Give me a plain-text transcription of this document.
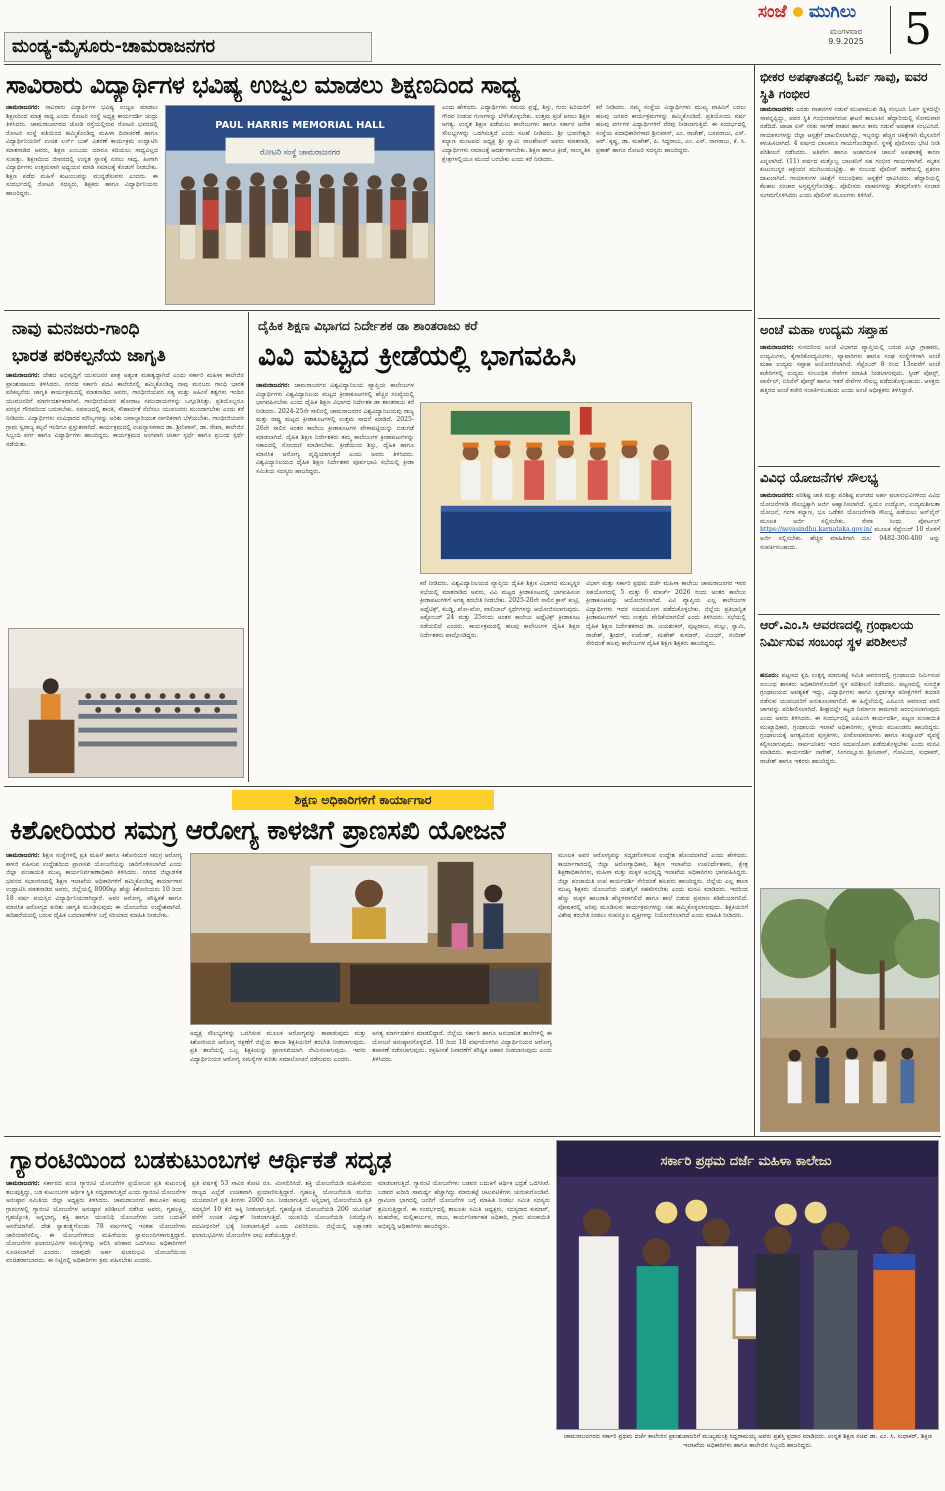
ಮಂಡ್ಯ-ಮೈಸೂರು-ಚಾಮರಾಜನಗರ
ಸಂಜೆ ಮುಗಿಲು
ಮಂಗಳವಾರ
9.9.2025 5
ಸಾವಿರಾರು ವಿದ್ಯಾರ್ಥಿಗಳ ಭವಿಷ್ಯ ಉಜ್ವಲ ಮಾಡಲು ಶಿಕ್ಷಣದಿಂದ ಸಾಧ್ಯ
ಚಾಮರಾಜನಗರ: ಸಾವಿರಾರು ವಿದ್ಯಾರ್ಥಿಗಳ ಭವಿಷ್ಯ ಉಜ್ವಲ ಮಾಡಲು ಶಿಕ್ಷಣದಿಂದ ಮಾತ್ರ ಸಾಧ್ಯ ಎಂದು ರೋಟರಿ ಸಂಸ್ಥೆ ಅಧ್ಯಕ್ಷ ಕಾರ್ಯದರ್ಶಿ ಚಂದ್ರು ತಿಳಿಸಿದರು. ಚಾಮರಾಜನಗರದ ಜೋಡಿ ರಸ್ತೆಯಲ್ಲಿರುವ ರೋಟರಿ ಭವನದಲ್ಲಿ ರೋಟರಿ ಸಂಸ್ಥೆ ವತಿಯಿಂದ ಹಮ್ಮಿಕೊಂಡಿದ್ದ ಮಹಿಳಾ ದಿನಾಚರಣೆ ಹಾಗೂ ವಿದ್ಯಾರ್ಥಿನಿಯರಿಗೆ ಉಚಿತ ಲರ್ನ್ ಬುಕ್ ವಿತರಣೆ ಕಾರ್ಯಕ್ರಮ ಉದ್ಘಾಟಿಸಿ ಮಾತನಾಡಿದ ಅವರು, ಶಿಕ್ಷಣ ಎಂಬುದು ಯಾರೂ ಕದಿಯಲು ಸಾಧ್ಯವಿಲ್ಲದ ಸಂಪತ್ತು. ಶಿಕ್ಷಣದಿಂದ ಜೀವನದಲ್ಲಿ ಉನ್ನತ ಸ್ಥಾನಕ್ಕೆ ಏರಲು ಸಾಧ್ಯ. ಹೀಗಾಗಿ ವಿದ್ಯಾರ್ಥಿಗಳು ಉತ್ತಮವಾಗಿ ಅಧ್ಯಯನ ಮಾಡಿ ಸಮಾಜಕ್ಕೆ ಕೊಡುಗೆ ನೀಡಬೇಕು. ಶಿಕ್ಷಣ ಪಡೆದ ಮಹಿಳೆ ಕುಟುಂಬವನ್ನು ಮುನ್ನಡೆಸುವಳು ಎಂದರು. ಈ ಸಂದರ್ಭದಲ್ಲಿ ರೋಟರಿ ಸದಸ್ಯರು, ಶಿಕ್ಷಕರು ಹಾಗೂ ವಿದ್ಯಾರ್ಥಿನಿಯರು ಹಾಜರಿದ್ದರು.
PAUL HARRIS MEMORIAL HALL
ರೋಟರಿ ಸಂಸ್ಥೆ ಚಾಮರಾಜನಗರ
ಎಂದು ಹೇಳಿದರು. ವಿದ್ಯಾರ್ಥಿಗಳು ಸಮಯ ಪ್ರಜ್ಞೆ, ಶಿಸ್ತು, ಗುರು ಹಿರಿಯರಿಗೆ ಗೌರವ ನೀಡುವ ಗುಣಗಳನ್ನು ಬೆಳೆಸಿಕೊಳ್ಳಬೇಕು. ಉತ್ತಮ ಪ್ರಜೆ ಆಗಲು ಶಿಕ್ಷಣ ಅಗತ್ಯ. ಉನ್ನತ ಶಿಕ್ಷಣ ಪಡೆಯಲು ಕಾಲೇಜುಗಳು ಹಾಗೂ ಸರ್ಕಾರ ಅನೇಕ ಸೌಲಭ್ಯಗಳನ್ನು ಒದಗಿಸುತ್ತಿದೆ ಎಂದು ಸಲಹೆ ನೀಡಿದರು. ಶ್ರೀ ಭುವನೇಶ್ವರಿ ಕಲ್ಯಾಣ ಮಂಟಪದ ಅಧ್ಯಕ್ಷ ಶ್ರೀ ಸ್ವಾಮಿ ರಾಜಶೇಖರ್ ಅವರು ಮಾತನಾಡಿ, ವಿದ್ಯಾರ್ಥಿಗಳು ಸಮಾಜಕ್ಕೆ ಆದರ್ಶರಾಗಬೇಕು. ಶಿಕ್ಷಣ ಹಾಗೂ ಕ್ರೀಡೆ, ಸಾಂಸ್ಕೃತಿಕ ಕ್ಷೇತ್ರಗಳಲ್ಲಿಯೂ ಮುಂದೆ ಬರಬೇಕು ಎಂದು ಕರೆ ನೀಡಿದರು.
ಕರೆ ನೀಡಿದರು. ನಮ್ಮ ಸಂಸ್ಥೆಯ ವಿದ್ಯಾರ್ಥಿಗಳು ಮುಖ್ಯ ವಾಹಿನಿಗೆ ಬರಲು ಹಲವು ಜನಪರ ಕಾರ್ಯಕ್ರಮಗಳನ್ನು ಹಮ್ಮಿಕೊಂಡಿದೆ. ಪ್ರತಿಯೊಂದು ವರ್ಷ ಹಲವು ವರ್ಗಗಳ ವಿದ್ಯಾರ್ಥಿಗಳಿಗೆ ನೆರವು ನೀಡಲಾಗುತ್ತಿದೆ. ಈ ಸಂದರ್ಭದಲ್ಲಿ ಸಂಸ್ಥೆಯ ಪದಾಧಿಕಾರಿಗಳಾದ ಶ್ರೀನಿವಾಸ್, ಎಂ. ರಾಜೇಶ್, ಬಸವರಾಜು, ಎಸ್. ಆರ್. ಕೃಷ್ಣ, ಡಾ. ಮಹೇಶ್, ಪಿ. ಸಿದ್ದರಾಜು, ಎಂ. ಎಸ್. ನಾಗರಾಜು, ಕೆ. ಸಿ. ಪ್ರಕಾಶ್ ಹಾಗೂ ರೋಟರಿ ಸದಸ್ಯರು ಹಾಜರಿದ್ದರು.
ನಾವು ಮನಜರು-ಗಾಂಧಿ
ಭಾರತ ಪರಿಕಲ್ಪನೆಯ ಜಾಗೃತಿ
ಚಾಮರಾಜನಗರ: ದೇಶದ ಅಭಿವೃದ್ಧಿಗೆ ಯುವಜನರ ಪಾತ್ರ ಅತ್ಯಂತ ಮಹತ್ವದ್ದಾಗಿದೆ ಎಂದು ಸರ್ಕಾರಿ ಮಹಿಳಾ ಕಾಲೇಜಿನ ಪ್ರಾಂಶುಪಾಲರು ತಿಳಿಸಿದರು. ನಗರದ ಸರ್ಕಾರಿ ಪದವಿ ಕಾಲೇಜಿನಲ್ಲಿ ಹಮ್ಮಿಕೊಂಡಿದ್ದ ನಾವು ಮನಜರು ಗಾಂಧಿ ಭಾರತ ಪರಿಕಲ್ಪನೆಯ ಜಾಗೃತಿ ಕಾರ್ಯಕ್ರಮದಲ್ಲಿ ಮಾತನಾಡಿದ ಅವರು, ಗಾಂಧೀಜಿಯವರ ಸತ್ಯ ಮತ್ತು ಅಹಿಂಸೆ ತತ್ವಗಳು ಇಂದಿನ ಯುವಜನರಿಗೆ ಮಾರ್ಗದರ್ಶಕವಾಗಿವೆ. ಗಾಂಧೀಜಿಯವರ ಹೋರಾಟ ಸಮುದಾಯಗಳನ್ನು ಒಗ್ಗೂಡಿಸಿತ್ತು. ಪ್ರತಿಯೊಬ್ಬರೂ ಪರಸ್ಪರ ಗೌರವದಿಂದ ಬದುಕಬೇಕು. ಸಮಾಜದಲ್ಲಿ ಶಾಂತಿ, ಸೌಹಾರ್ದತೆ ನೆಲೆಸಲು ಯುವಜನರು ಮುಂದಾಗಬೇಕು ಎಂದು ಕರೆ ನೀಡಿದರು. ವಿದ್ಯಾರ್ಥಿಗಳು ಸಂವಿಧಾನದ ಮೌಲ್ಯಗಳನ್ನು ಅರಿತು ಜವಾಬ್ದಾರಿಯುತ ನಾಗರಿಕರಾಗಿ ಬೆಳೆಯಬೇಕು. ಗಾಂಧೀಜಿಯವರ ಗ್ರಾಮ ಸ್ವರಾಜ್ಯ ಕಲ್ಪನೆ ಇಂದಿಗೂ ಪ್ರಸ್ತುತವಾಗಿದೆ. ಕಾರ್ಯಕ್ರಮದಲ್ಲಿ ಉಪನ್ಯಾಸಕರಾದ ಡಾ. ಶ್ರೀನಿವಾಸ್, ಡಾ. ರೇಖಾ, ಕಾಲೇಜಿನ ಸಿಬ್ಬಂದಿ ವರ್ಗ ಹಾಗೂ ವಿದ್ಯಾರ್ಥಿಗಳು ಹಾಜರಿದ್ದರು. ಕಾರ್ಯಕ್ರಮದ ಅಂಗವಾಗಿ ಚರ್ಚಾ ಸ್ಪರ್ಧೆ ಹಾಗೂ ಪ್ರಬಂಧ ಸ್ಪರ್ಧೆ ನಡೆಯಿತು.
ದೈಹಿಕ ಶಿಕ್ಷಣ ವಿಭಾಗದ ನಿರ್ದೇಶಕ ಡಾ ಶಾಂತರಾಜು ಕರೆ
ವಿವಿ ಮಟ್ಟದ ಕ್ರೀಡೆಯಲ್ಲಿ ಭಾಗವಹಿಸಿ
ಚಾಮರಾಜನಗರ: ಚಾಮರಾಜನಗರ ವಿಶ್ವವಿದ್ಯಾನಿಲಯ ವ್ಯಾಪ್ತಿಯ ಕಾಲೇಜುಗಳ ವಿದ್ಯಾರ್ಥಿಗಳು ವಿಶ್ವವಿದ್ಯಾನಿಲಯ ಮಟ್ಟದ ಕ್ರೀಡಾಕೂಟಗಳಲ್ಲಿ ಹೆಚ್ಚಿನ ಸಂಖ್ಯೆಯಲ್ಲಿ ಭಾಗವಹಿಸಬೇಕು ಎಂದು ದೈಹಿಕ ಶಿಕ್ಷಣ ವಿಭಾಗದ ನಿರ್ದೇಶಕ ಡಾ ಶಾಂತರಾಜು ಕರೆ ನೀಡಿದರು. 2024-25ನೇ ಸಾಲಿನಲ್ಲಿ ಚಾಮರಾಜನಗರ ವಿಶ್ವವಿದ್ಯಾನಿಲಯವು ರಾಜ್ಯ ಮತ್ತು ರಾಷ್ಟ್ರ ಮಟ್ಟದ ಕ್ರೀಡಾಕೂಟಗಳಲ್ಲಿ ಉತ್ತಮ ಸಾಧನೆ ಮಾಡಿದೆ. 2025-26ನೇ ಸಾಲಿನ ಅಂತರ ಕಾಲೇಜು ಕ್ರೀಡಾಕೂಟಗಳ ವೇಳಾಪಟ್ಟಿಯನ್ನು ಬಿಡುಗಡೆ ಮಾಡಲಾಗಿದೆ. ದೈಹಿಕ ಶಿಕ್ಷಣ ನಿರ್ದೇಶಕರು ತಮ್ಮ ಕಾಲೇಜುಗಳ ಕ್ರೀಡಾಪಟುಗಳನ್ನು ಸಕಾಲದಲ್ಲಿ ನೋಂದಣಿ ಮಾಡಿಸಬೇಕು. ಕ್ರೀಡೆಯಿಂದ ಶಿಸ್ತು, ದೈಹಿಕ ಹಾಗೂ ಮಾನಸಿಕ ಆರೋಗ್ಯ ವೃದ್ಧಿಯಾಗುತ್ತದೆ ಎಂದು ಅವರು ತಿಳಿಸಿದರು. ವಿಶ್ವವಿದ್ಯಾನಿಲಯದ ದೈಹಿಕ ಶಿಕ್ಷಣ ನಿರ್ದೇಶಕರ ಪೂರ್ವಭಾವಿ ಸಭೆಯಲ್ಲಿ ಕ್ರೀಡಾ ಸಮಿತಿಯ ಸದಸ್ಯರು ಹಾಜರಿದ್ದರು.
ಕರೆ ನೀಡಿದರು. ವಿಶ್ವವಿದ್ಯಾನಿಲಯದ ವ್ಯಾಪ್ತಿಯ ದೈಹಿಕ ಶಿಕ್ಷಣ ವಿಭಾಗದ ಮುಖ್ಯಸ್ಥರ ಸಭೆಯಲ್ಲಿ ಮಾತನಾಡಿದ ಅವರು, ವಿವಿ ಮಟ್ಟದ ಕ್ರೀಡಾಕೂಟದಲ್ಲಿ ಭಾಗವಹಿಸುವ ಕ್ರೀಡಾಪಟುಗಳಿಗೆ ಅಗತ್ಯ ತರಬೇತಿ ನೀಡಬೇಕು. 2025-26ನೇ ಸಾಲಿನ ಕ್ರಾಸ್ ಕಂಟ್ರಿ, ಅಥ್ಲೆಟಿಕ್ಸ್, ಕಬಡ್ಡಿ, ಖೋ-ಖೋ, ವಾಲಿಬಾಲ್ ಸ್ಪರ್ಧೆಗಳನ್ನು ಆಯೋಜಿಸಲಾಗುವುದು. ಅಕ್ಟೋಬರ್ 24 ಮತ್ತು 25ರಂದು ಅಂತರ ಕಾಲೇಜು ಅಥ್ಲೆಟಿಕ್ಸ್ ಕ್ರೀಡಾಕೂಟ ನಡೆಯಲಿದೆ ಎಂದರು. ಕಾರ್ಯಕ್ರಮದಲ್ಲಿ ಹಲವು ಕಾಲೇಜುಗಳ ದೈಹಿಕ ಶಿಕ್ಷಣ ನಿರ್ದೇಶಕರು ಪಾಲ್ಗೊಂಡಿದ್ದರು.
ವಿಭಾಗ ಮತ್ತು ಸರ್ಕಾರಿ ಪ್ರಥಮ ದರ್ಜೆ ಮಹಿಳಾ ಕಾಲೇಜು ಚಾಮರಾಜನಗರ ಇವರ ಸಹಯೋಗದಲ್ಲಿ 5 ಮತ್ತು 6 ಮಾರ್ಚ್ 2026 ರಂದು ಅಂತರ ಕಾಲೇಜು ಕ್ರೀಡಾಕೂಟವನ್ನು ಆಯೋಜಿಸಲಾಗಿದೆ. ವಿವಿ ವ್ಯಾಪ್ತಿಯ ಎಲ್ಲ ಕಾಲೇಜುಗಳ ವಿದ್ಯಾರ್ಥಿಗಳು ಇದರ ಸದುಪಯೋಗ ಪಡೆದುಕೊಳ್ಳಬೇಕು. ಜಿಲ್ಲೆಯ ಪ್ರತಿಭಾನ್ವಿತ ಕ್ರೀಡಾಪಟುಗಳಿಗೆ ಇದು ಉತ್ತಮ ವೇದಿಕೆಯಾಗಲಿದೆ ಎಂದು ತಿಳಿಸಿದರು. ಸಭೆಯಲ್ಲಿ ದೈಹಿಕ ಶಿಕ್ಷಣ ನಿರ್ದೇಶಕರಾದ ಡಾ. ಜಯಶಂಕರ್, ಪುಟ್ಟರಾಜು, ಮಲ್ಲು, ಸ್ವಾಮಿ, ರಾಜೇಶ್, ಶ್ರೀಧರ್, ಉಮೇಶ್, ಮಹೇಶ್ ಕುಮಾರ್, ವಿಜಯ್, ನಂದೀಶ್ ಸೇರಿದಂತೆ ಹಲವು ಕಾಲೇಜುಗಳ ದೈಹಿಕ ಶಿಕ್ಷಣ ಶಿಕ್ಷಕರು ಹಾಜರಿದ್ದರು.
ಶಿಕ್ಷಣ ಅಧಿಕಾರಿಗಳಿಗೆ ಕಾರ್ಯಾಗಾರ
ಕಿಶೋರಿಯರ ಸಮಗ್ರ ಆರೋಗ್ಯ ಕಾಳಜಿಗೆ ಪ್ರಾಣಸಖಿ ಯೋಜನೆ
ಚಾಮರಾಜನಗರ: ಶಿಕ್ಷಣ ಸಂಸ್ಥೆಗಳಲ್ಲಿ ಪ್ರತಿ ಮಹಿಳೆ ಹಾಗೂ ಕಿಶೋರಿಯರ ಸಮಗ್ರ ಆರೋಗ್ಯ ಕಾಳಜಿ ವಹಿಸುವ ಉದ್ದೇಶದಿಂದ ಪ್ರಾಣಸಖಿ ಯೋಜನೆಯನ್ನು ಜಾರಿಗೊಳಿಸಲಾಗಿದೆ ಎಂದು ಜಿಲ್ಲಾ ಪಂಚಾಯಿತಿ ಮುಖ್ಯ ಕಾರ್ಯನಿರ್ವಹಣಾಧಿಕಾರಿ ತಿಳಿಸಿದರು. ನಗರದ ಜಿಲ್ಲಾಡಳಿತ ಭವನದ ಸಭಾಂಗಣದಲ್ಲಿ ಶಿಕ್ಷಣ ಇಲಾಖೆಯ ಅಧಿಕಾರಿಗಳಿಗೆ ಹಮ್ಮಿಕೊಂಡಿದ್ದ ಕಾರ್ಯಾಗಾರ ಉದ್ಘಾಟಿಸಿ ಮಾತನಾಡಿದ ಅವರು, ಜಿಲ್ಲೆಯಲ್ಲಿ 8000ಕ್ಕೂ ಹೆಚ್ಚು ಕಿಶೋರಿಯರು 10 ರಿಂದ 18 ವರ್ಷ ವಯಸ್ಸಿನ ವಿದ್ಯಾರ್ಥಿನಿಯರಾಗಿದ್ದಾರೆ. ಅವರ ಆರೋಗ್ಯ, ಪೌಷ್ಟಿಕತೆ ಹಾಗೂ ಮಾನಸಿಕ ಆರೋಗ್ಯದ ಕುರಿತು ಜಾಗೃತಿ ಮೂಡಿಸುವುದು ಈ ಯೋಜನೆಯ ಉದ್ದೇಶವಾಗಿದೆ. ಹದಿಹರೆಯದಲ್ಲಿ ಬರುವ ದೈಹಿಕ ಬದಲಾವಣೆಗಳ ಬಗ್ಗೆ ಸರಿಯಾದ ಮಾಹಿತಿ ನೀಡಬೇಕು.
ಅಧ್ಯಕ್ಷ ಸೌಲಭ್ಯಗಳನ್ನು ಒದಗಿಸುವ ಮೂಲಕ ಆರೋಗ್ಯವನ್ನು ಕಾಪಾಡುವುದು ಮತ್ತು ಕಿಶೋರಿಯರ ಆರೋಗ್ಯ ರಕ್ಷಣೆಗೆ ಜಿಲ್ಲೆಯ ಶಾಲಾ ಶಿಕ್ಷಕಿಯರಿಗೆ ತರಬೇತಿ ನೀಡಲಾಗುವುದು. ಪ್ರತಿ ಶಾಲೆಯಲ್ಲಿ ಒಬ್ಬ ಶಿಕ್ಷಕಿಯನ್ನು ಪ್ರಾಣಸಖಿಯಾಗಿ ನೇಮಿಸಲಾಗುವುದು. ಇವರು ವಿದ್ಯಾರ್ಥಿನಿಯರ ಆರೋಗ್ಯ ಸಮಸ್ಯೆಗಳ ಕುರಿತು ಸಮಾಲೋಚನೆ ನಡೆಸುವರು ಎಂದರು.
ಅಗತ್ಯ ಮಾರ್ಗದರ್ಶನ ಮಾಡಲಿದ್ದಾರೆ. ಜಿಲ್ಲೆಯ ಸರ್ಕಾರಿ ಹಾಗೂ ಅನುದಾನಿತ ಶಾಲೆಗಳಲ್ಲಿ ಈ ಯೋಜನೆ ಅನುಷ್ಠಾನಗೊಳ್ಳಲಿದೆ. 10 ರಿಂದ 18 ವರ್ಷದೊಳಗಿನ ವಿದ್ಯಾರ್ಥಿನಿಯರ ಆರೋಗ್ಯ ತಪಾಸಣೆ ನಡೆಸಲಾಗುವುದು. ರಕ್ತಹೀನತೆ ನಿವಾರಣೆಗೆ ಪೌಷ್ಟಿಕ ಆಹಾರ ನೀಡಲಾಗುವುದು ಎಂದು ತಿಳಿಸಿದರು.
ಮೂಲಕ ಅವರ ಆರೋಗ್ಯವನ್ನು ಸದೃಢಗೊಳಿಸುವ ಉದ್ದೇಶ ಹೊಂದಲಾಗಿದೆ ಎಂದು ಹೇಳಿದರು. ಕಾರ್ಯಾಗಾರದಲ್ಲಿ ಜಿಲ್ಲಾ ಆರೋಗ್ಯಾಧಿಕಾರಿ, ಶಿಕ್ಷಣ ಇಲಾಖೆಯ ಉಪನಿರ್ದೇಶಕರು, ಕ್ಷೇತ್ರ ಶಿಕ್ಷಣಾಧಿಕಾರಿಗಳು, ಮಹಿಳಾ ಮತ್ತು ಮಕ್ಕಳ ಅಭಿವೃದ್ಧಿ ಇಲಾಖೆಯ ಅಧಿಕಾರಿಗಳು ಭಾಗವಹಿಸಿದ್ದರು. ಜಿಲ್ಲಾ ಪಂಚಾಯಿತಿ ಉಪ ಕಾರ್ಯದರ್ಶಿ ಸೇರಿದಂತೆ ಹಲವರು ಹಾಜರಿದ್ದರು. ಜಿಲ್ಲೆಯ ಎಲ್ಲ ಶಾಲಾ ಮುಖ್ಯ ಶಿಕ್ಷಕರು ಯೋಜನೆಯ ಯಶಸ್ಸಿಗೆ ಸಹಕರಿಸಬೇಕು ಎಂದು ಮನವಿ ಮಾಡಿದರು. ಇದರಿಂದ ಹೆಣ್ಣು ಮಕ್ಕಳ ಹಾಜರಾತಿ ಹೆಚ್ಚಳವಾಗಲಿದೆ ಹಾಗೂ ಶಾಲೆ ಬಿಡುವ ಪ್ರಮಾಣ ಕಡಿಮೆಯಾಗಲಿದೆ. ಪೋಷಕರಲ್ಲಿ ಅರಿವು ಮೂಡಿಸುವ ಕಾರ್ಯಕ್ರಮಗಳನ್ನು ಸಹ ಹಮ್ಮಿಕೊಳ್ಳಲಾಗುವುದು. ಶಿಕ್ಷಕಿಯರಿಗೆ ವಿಶೇಷ ತರಬೇತಿ ನೀಡಲು ಸಂಪನ್ಮೂಲ ವ್ಯಕ್ತಿಗಳನ್ನು ನಿಯೋಜಿಸಲಾಗಿದೆ ಎಂದು ಮಾಹಿತಿ ನೀಡಿದರು.
ಗ್ಯಾರಂಟಿಯಿಂದ ಬಡಕುಟುಂಬಗಳ ಆರ್ಥಿಕತೆ ಸದೃಢ
ಚಾಮರಾಜನಗರ: ಸರ್ಕಾರದ ಪಂಚ ಗ್ಯಾರಂಟಿ ಯೋಜನೆಗಳ ಪ್ರಯೋಜನ ಪ್ರತಿ ಕುಟುಂಬಕ್ಕೆ ತಲುಪುತ್ತಿದ್ದು, ಬಡ ಕುಟುಂಬಗಳ ಆರ್ಥಿಕ ಸ್ಥಿತಿ ಸದೃಢವಾಗುತ್ತಿದೆ ಎಂದು ಗ್ಯಾರಂಟಿ ಯೋಜನೆಗಳ ಅನುಷ್ಠಾನ ಸಮಿತಿಯ ಜಿಲ್ಲಾ ಅಧ್ಯಕ್ಷರು ತಿಳಿಸಿದರು. ಚಾಮರಾಜನಗರ ತಾಲೂಕಿನ ಹಲವು ಗ್ರಾಮಗಳಲ್ಲಿ ಗ್ಯಾರಂಟಿ ಯೋಜನೆಗಳ ಅನುಷ್ಠಾನ ಪರಿಶೀಲನೆ ನಡೆಸಿದ ಅವರು, ಗೃಹಲಕ್ಷ್ಮಿ, ಗೃಹಜ್ಯೋತಿ, ಅನ್ನಭಾಗ್ಯ, ಶಕ್ತಿ ಹಾಗೂ ಯುವನಿಧಿ ಯೋಜನೆಗಳು ಜನರ ಬದುಕಿಗೆ ಆಸರೆಯಾಗಿವೆ. ದೇಶ ಸ್ವಾತಂತ್ರ್ಯಗೊಂಡು 78 ವರ್ಷಗಳಲ್ಲಿ ಇಂತಹ ಯೋಜನೆಗಳು ಜಾರಿಯಾಗಿರಲಿಲ್ಲ. ಈ ಯೋಜನೆಗಳಿಂದ ಮಹಿಳೆಯರು ಸ್ವಾವಲಂಬಿಗಳಾಗುತ್ತಿದ್ದಾರೆ. ಯೋಜನೆಗಳ ಫಲಾನುಭವಿಗಳ ಸಮಸ್ಯೆಗಳನ್ನು ಆಲಿಸಿ ಪರಿಹಾರ ಒದಗಿಸಲು ಅಧಿಕಾರಿಗಳಿಗೆ ಸೂಚಿಸಲಾಗಿದೆ ಎಂದರು. ಯಾವುದೇ ಅರ್ಹ ಫಲಾನುಭವಿ ಯೋಜನೆಯಿಂದ ವಂಚಿತರಾಗಬಾರದು. ಈ ನಿಟ್ಟಿನಲ್ಲಿ ಅಧಿಕಾರಿಗಳು ಕ್ರಮ ವಹಿಸಬೇಕು ಎಂದರು.
ಪ್ರತಿ ವರ್ಷಕ್ಕೆ 53 ಸಾವಿರ ಕೋಟಿ ರೂ. ಮೀಸಲಿರಿಸಿದೆ. ಶಕ್ತಿ ಯೋಜನೆಯಡಿ ಮಹಿಳೆಯರು ರಾಜ್ಯದ ಎಲ್ಲೆಡೆ ಉಚಿತವಾಗಿ ಪ್ರಯಾಣಿಸುತ್ತಿದ್ದಾರೆ. ಗೃಹಲಕ್ಷ್ಮಿ ಯೋಜನೆಯಡಿ ಮನೆಯ ಯಜಮಾನಿಗೆ ಪ್ರತಿ ತಿಂಗಳು 2000 ರೂ. ನೀಡಲಾಗುತ್ತಿದೆ. ಅನ್ನಭಾಗ್ಯ ಯೋಜನೆಯಡಿ ಪ್ರತಿ ಸದಸ್ಯರಿಗೆ 10 ಕೆಜಿ ಅಕ್ಕಿ ನೀಡಲಾಗುತ್ತಿದೆ. ಗೃಹಜ್ಯೋತಿ ಯೋಜನೆಯಡಿ 200 ಯೂನಿಟ್ ವರೆಗೆ ಉಚಿತ ವಿದ್ಯುತ್ ನೀಡಲಾಗುತ್ತಿದೆ. ಯುವನಿಧಿ ಯೋಜನೆಯಡಿ ನಿರುದ್ಯೋಗಿ ಪದವೀಧರರಿಗೆ ಭತ್ಯೆ ನೀಡಲಾಗುತ್ತಿದೆ ಎಂದು ವಿವರಿಸಿದರು. ಜಿಲ್ಲೆಯಲ್ಲಿ ಲಕ್ಷಾಂತರ ಫಲಾನುಭವಿಗಳು ಯೋಜನೆಗಳ ಲಾಭ ಪಡೆಯುತ್ತಿದ್ದಾರೆ.
ಮಾಡಲಾಗುತ್ತಿದೆ. ಗ್ಯಾರಂಟಿ ಯೋಜನೆಗಳು ಬಡವರ ಬದುಕಿಗೆ ಆರ್ಥಿಕ ಭದ್ರತೆ ಒದಗಿಸಿವೆ. ಬಡವರ ಖರೀದಿ ಸಾಮರ್ಥ್ಯ ಹೆಚ್ಚಾಗಿದ್ದು ಮಾರುಕಟ್ಟೆ ಚಟುವಟಿಕೆಗಳು ಚುರುಕುಗೊಂಡಿವೆ. ಗ್ರಾಮೀಣ ಭಾಗದಲ್ಲಿ ಜನರಿಗೆ ಯೋಜನೆಗಳ ಬಗ್ಗೆ ಮಾಹಿತಿ ನೀಡಲು ಸಮಿತಿ ಸದಸ್ಯರು ಶ್ರಮಿಸುತ್ತಿದ್ದಾರೆ. ಈ ಸಂದರ್ಭದಲ್ಲಿ ತಾಲೂಕು ಸಮಿತಿ ಅಧ್ಯಕ್ಷರು, ಸದಸ್ಯರಾದ ಕುಮಾರ್, ಮಹದೇವ, ಮಲ್ಲಿಕಾರ್ಜುನ, ರಾಜು, ಕಾರ್ಯನಿರ್ವಾಹಕ ಅಧಿಕಾರಿ, ಗ್ರಾಮ ಪಂಚಾಯಿತಿ ಅಭಿವೃದ್ಧಿ ಅಧಿಕಾರಿಗಳು ಹಾಜರಿದ್ದರು.
ಸರ್ಕಾರಿ ಪ್ರಥಮ ದರ್ಜೆ ಮಹಿಳಾ ಕಾಲೇಜು
ಚಾಮರಾಜನಗರದ ಸರ್ಕಾರಿ ಪ್ರಥಮ ದರ್ಜೆ ಕಾಲೇಜಿನ ಪ್ರಾಂಶುಪಾಲರಿಗೆ ಮುಖ್ಯಮಂತ್ರಿ ಸಿದ್ದರಾಮಯ್ಯ ಅವರು ಪ್ರಶಸ್ತಿ ಪ್ರದಾನ ಮಾಡಿದರು. ಉನ್ನತ ಶಿಕ್ಷಣ ಸಚಿವ ಡಾ. ಎಂ. ಸಿ. ಸುಧಾಕರ್, ಶಿಕ್ಷಣ ಇಲಾಖೆಯ ಅಧಿಕಾರಿಗಳು ಹಾಗೂ ಕಾಲೇಜಿನ ಸಿಬ್ಬಂದಿ ಹಾಜರಿದ್ದರು.
ಭೀಕರ ಅಪಘಾತದಲ್ಲಿ ಓರ್ವ ಸಾವು, ಐವರ ಸ್ಥಿತಿ ಗಂಭೀರ
ಚಾಮರಾಜನಗರ: ಎರಡು ವಾಹನಗಳ ನಡುವೆ ಮುಖಾಮುಖಿ ಡಿಕ್ಕಿ ಸಂಭವಿಸಿ ಓರ್ವ ಸ್ಥಳದಲ್ಲೇ ಸಾವನ್ನಪ್ಪಿದ್ದು, ಐವರ ಸ್ಥಿತಿ ಗಂಭೀರವಾಗಿರುವ ಘಟನೆ ತಾಲೂಕಿನ ಹೆದ್ದಾರಿಯಲ್ಲಿ ಸೋಮವಾರ ನಡೆದಿದೆ. ಟಾಟಾ ಏಸ್ ಸರಕು ಸಾಗಣೆ ವಾಹನ ಹಾಗೂ ಕಾರು ನಡುವೆ ಅಪಘಾತ ಸಂಭವಿಸಿದೆ. ಗಾಯಾಳುಗಳನ್ನು ಜಿಲ್ಲಾ ಆಸ್ಪತ್ರೆಗೆ ದಾಖಲಿಸಲಾಗಿದ್ದು, ಇಬ್ಬರನ್ನು ಹೆಚ್ಚಿನ ಚಿಕಿತ್ಸೆಗಾಗಿ ಮೈಸೂರಿಗೆ ಕಳುಹಿಸಲಾಗಿದೆ. 4 ವರ್ಷದ ಬಾಲಕನೂ ಗಾಯಗೊಂಡಿದ್ದಾನೆ. ಸ್ಥಳಕ್ಕೆ ಪೊಲೀಸರು ಭೇಟಿ ನೀಡಿ ಪರಿಶೀಲನೆ ನಡೆಸಿದರು. ಅತಿವೇಗ ಹಾಗೂ ಅಜಾಗರೂಕ ಚಾಲನೆ ಅಪಘಾತಕ್ಕೆ ಕಾರಣ ಎನ್ನಲಾಗಿದೆ. (11) ವರ್ಷದ ಮತ್ತೊಬ್ಬ ಬಾಲಕನಿಗೆ ಸಹ ಗಂಭೀರ ಗಾಯಗಳಾಗಿವೆ. ಮೃತನ ಕುಟುಂಬಸ್ಥರ ಆಕ್ರಂದನ ಮುಗಿಲುಮುಟ್ಟಿತ್ತು. ಈ ಸಂಬಂಧ ಪೊಲೀಸ್ ಠಾಣೆಯಲ್ಲಿ ಪ್ರಕರಣ ದಾಖಲಾಗಿದೆ. ಗಾಯಾಳುಗಳ ಚಿಕಿತ್ಸೆಗೆ ಸಂಬಂಧಿಕರು ಆಸ್ಪತ್ರೆಗೆ ಧಾವಿಸಿದರು. ಹೆದ್ದಾರಿಯಲ್ಲಿ ಕೆಲಕಾಲ ಸಂಚಾರ ಅಸ್ತವ್ಯಸ್ತಗೊಂಡಿತ್ತು. ಪೊಲೀಸರು ವಾಹನಗಳನ್ನು ತೆರವುಗೊಳಿಸಿ ಸಂಚಾರ ಸುಗಮಗೊಳಿಸಿದರು ಎಂದು ಪೊಲೀಸ್ ಮೂಲಗಳು ತಿಳಿಸಿವೆ.
ಅಂಚೆ ಮಹಾ ಉದ್ಯಮ ಸಪ್ತಾಹ
ಚಾಮರಾಜನಗರ: ಸಂಸದರಿಂದ ಅಂಚೆ ವಿಭಾಗದ ವ್ಯಾಪ್ತಿಯಲ್ಲಿ ಬರುವ ಎಲ್ಲಾ ಗ್ರಾಹಕರು, ಉದ್ಯಮಿಗಳು, ಕೈಗಾರಿಕೋದ್ಯಮಿಗಳು, ವ್ಯಾಪಾರಿಗಳು ಹಾಗೂ ಸಂಘ ಸಂಸ್ಥೆಗಳಿಗಾಗಿ ಅಂಚೆ ಮಹಾ ಉದ್ಯಮ ಸಪ್ತಾಹ ಆಯೋಜಿಸಲಾಗಿದೆ. ಸೆಪ್ಟೆಂಬರ್ 8 ರಿಂದ 13ರವರೆಗೆ ಅಂಚೆ ಕಚೇರಿಗಳಲ್ಲಿ ಉದ್ಯಮ ಸಂಬಂಧಿತ ಸೇವೆಗಳ ಮಾಹಿತಿ ನೀಡಲಾಗುವುದು. ಸ್ಪೀಡ್ ಪೋಸ್ಟ್, ಪಾರ್ಸೆಲ್, ಬಿಸಿನೆಸ್ ಪೋಸ್ಟ್ ಹಾಗೂ ಇತರೆ ಸೇವೆಗಳ ಸೌಲಭ್ಯ ಪಡೆದುಕೊಳ್ಳಬಹುದು. ಆಸಕ್ತರು ಹತ್ತಿರದ ಅಂಚೆ ಕಚೇರಿ ಸಂಪರ್ಕಿಸಬಹುದು ಎಂದು ಅಂಚೆ ಅಧೀಕ್ಷಕರು ತಿಳಿಸಿದ್ದಾರೆ.
ವಿವಿಧ ಯೋಜನೆಗಳ ಸೌಲಭ್ಯ
ಚಾಮರಾಜನಗರ: ಪರಿಶಿಷ್ಟ ಜಾತಿ ಮತ್ತು ಪರಿಶಿಷ್ಟ ಪಂಗಡದ ಅರ್ಹ ಫಲಾನುಭವಿಗಳಿಂದ ವಿವಿಧ ಯೋಜನೆಗಳಡಿ ಸೌಲಭ್ಯಕ್ಕಾಗಿ ಅರ್ಜಿ ಆಹ್ವಾನಿಸಲಾಗಿದೆ. ಸ್ವಯಂ ಉದ್ಯೋಗ, ಉದ್ಯಮಶೀಲತಾ ಯೋಜನೆ, ಗಂಗಾ ಕಲ್ಯಾಣ, ಭೂ ಒಡೆತನ ಯೋಜನೆಗಳಡಿ ಸೌಲಭ್ಯ ಪಡೆಯಲು ಆನ್‌ಲೈನ್ ಮೂಲಕ ಅರ್ಜಿ ಸಲ್ಲಿಸಬೇಕು. ಸೇವಾ ಸಿಂಧು ಪೋರ್ಟಲ್ https://sevasindhu.karnataka.gov.in/ ಮೂಲಕ ಸೆಪ್ಟೆಂಬರ್ 10 ರೊಳಗೆ ಅರ್ಜಿ ಸಲ್ಲಿಸಬೇಕು. ಹೆಚ್ಚಿನ ಮಾಹಿತಿಗಾಗಿ ದೂ: 9482-300-400 ಅನ್ನು ಸಂಪರ್ಕಿಸಬಹುದು.
ಆರ್.ಎಂ.ಸಿ ಆವರಣದಲ್ಲಿ ಗ್ರಂಥಾಲಯ ನಿರ್ಮಿಸುವ ಸಂಬಂಧ ಸ್ಥಳ ಪರಿಶೀಲನೆ
ಹನೂರು: ಪಟ್ಟಣದ ಕೃಷಿ ಉತ್ಪನ್ನ ಮಾರುಕಟ್ಟೆ ಸಮಿತಿ ಆವರಣದಲ್ಲಿ ಗ್ರಂಥಾಲಯ ನಿರ್ಮಿಸುವ ಸಂಬಂಧ ಶಾಸಕರು ಅಧಿಕಾರಿಗಳೊಂದಿಗೆ ಸ್ಥಳ ಪರಿಶೀಲನೆ ನಡೆಸಿದರು. ಪಟ್ಟಣದಲ್ಲಿ ಸುಸಜ್ಜಿತ ಗ್ರಂಥಾಲಯದ ಅವಶ್ಯಕತೆ ಇದ್ದು, ವಿದ್ಯಾರ್ಥಿಗಳು ಹಾಗೂ ಸ್ಪರ್ಧಾತ್ಮಕ ಪರೀಕ್ಷೆಗಳಿಗೆ ತಯಾರಿ ನಡೆಸುವ ಯುವಜನರಿಗೆ ಅನುಕೂಲವಾಗಲಿದೆ. ಈ ಹಿನ್ನೆಲೆಯಲ್ಲಿ ಎಪಿಎಂಸಿ ಆವರಣದ ಖಾಲಿ ಜಾಗವನ್ನು ಪರಿಶೀಲಿಸಲಾಗಿದೆ. ಶೀಘ್ರದಲ್ಲೇ ಕಟ್ಟಡ ನಿರ್ಮಾಣ ಕಾಮಗಾರಿ ಆರಂಭಿಸಲಾಗುವುದು ಎಂದು ಅವರು ತಿಳಿಸಿದರು. ಈ ಸಂದರ್ಭದಲ್ಲಿ ಎಪಿಎಂಸಿ ಕಾರ್ಯದರ್ಶಿ, ಪಟ್ಟಣ ಪಂಚಾಯಿತಿ ಮುಖ್ಯಾಧಿಕಾರಿ, ಗ್ರಂಥಾಲಯ ಇಲಾಖೆ ಅಧಿಕಾರಿಗಳು, ಸ್ಥಳೀಯ ಮುಖಂಡರು ಹಾಜರಿದ್ದರು. ಗ್ರಂಥಾಲಯಕ್ಕೆ ಅಗತ್ಯವಿರುವ ಪುಸ್ತಕಗಳು, ಪೀಠೋಪಕರಣಗಳು ಹಾಗೂ ಕಂಪ್ಯೂಟರ್ ವ್ಯವಸ್ಥೆ ಕಲ್ಪಿಸಲಾಗುವುದು. ಸಾರ್ವಜನಿಕರು ಇದರ ಸದುಪಯೋಗ ಪಡೆದುಕೊಳ್ಳಬೇಕು ಎಂದು ಮನವಿ ಮಾಡಿದರು. ಕಾರ್ಯದರ್ಶಿ ನಾಗೇಶ್, ಸಿಂಗನಲ್ಲೂರು ಶ್ರೀನಿವಾಸ್, ಗೋವಿಂದ, ಸುಧಾಕರ್, ರಾಜೇಶ್ ಹಾಗೂ ಇತರರು ಹಾಜರಿದ್ದರು.
